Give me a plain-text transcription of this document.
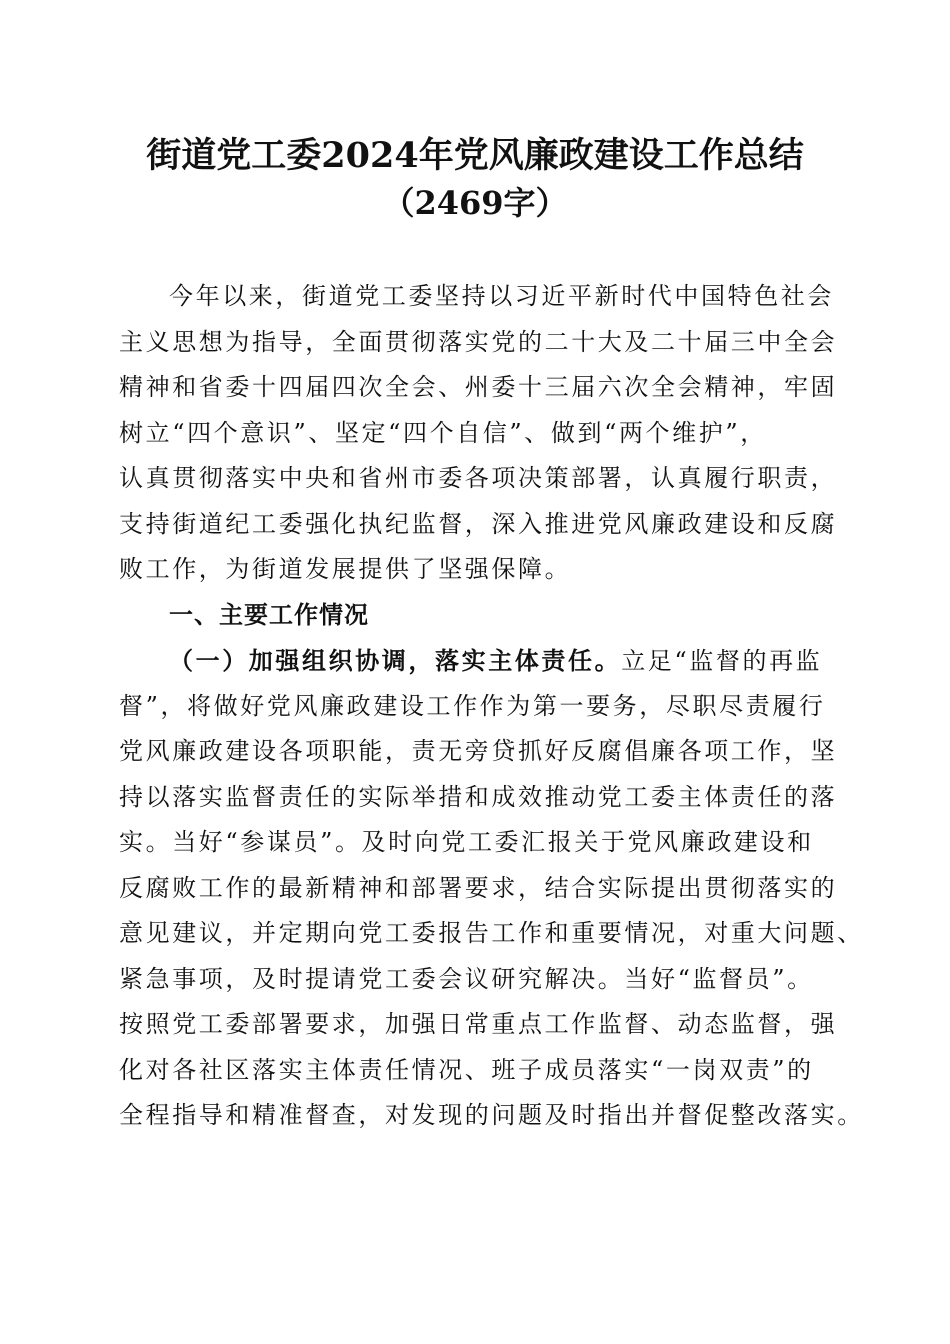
街道党工委2024年党风廉政建设工作总结
（2469字）
今年以来，街道党工委坚持以习近平新时代中国特色社会
主义思想为指导，全面贯彻落实党的二十大及二十届三中全会
精神和省委十四届四次全会、州委十三届六次全会精神，牢固
树立“四个意识”、坚定“四个自信”、做到“两个维护”，
认真贯彻落实中央和省州市委各项决策部署，认真履行职责，
支持街道纪工委强化执纪监督，深入推进党风廉政建设和反腐
败工作，为街道发展提供了坚强保障。
一、主要工作情况
（一）加强组织协调，落实主体责任。立足“监督的再监
督”，将做好党风廉政建设工作作为第一要务，尽职尽责履行
党风廉政建设各项职能，责无旁贷抓好反腐倡廉各项工作，坚
持以落实监督责任的实际举措和成效推动党工委主体责任的落
实。当好“参谋员”。及时向党工委汇报关于党风廉政建设和
反腐败工作的最新精神和部署要求，结合实际提出贯彻落实的
意见建议，并定期向党工委报告工作和重要情况，对重大问题、
紧急事项，及时提请党工委会议研究解决。当好“监督员”。
按照党工委部署要求，加强日常重点工作监督、动态监督，强
化对各社区落实主体责任情况、班子成员落实“一岗双责”的
全程指导和精准督查，对发现的问题及时指出并督促整改落实。
